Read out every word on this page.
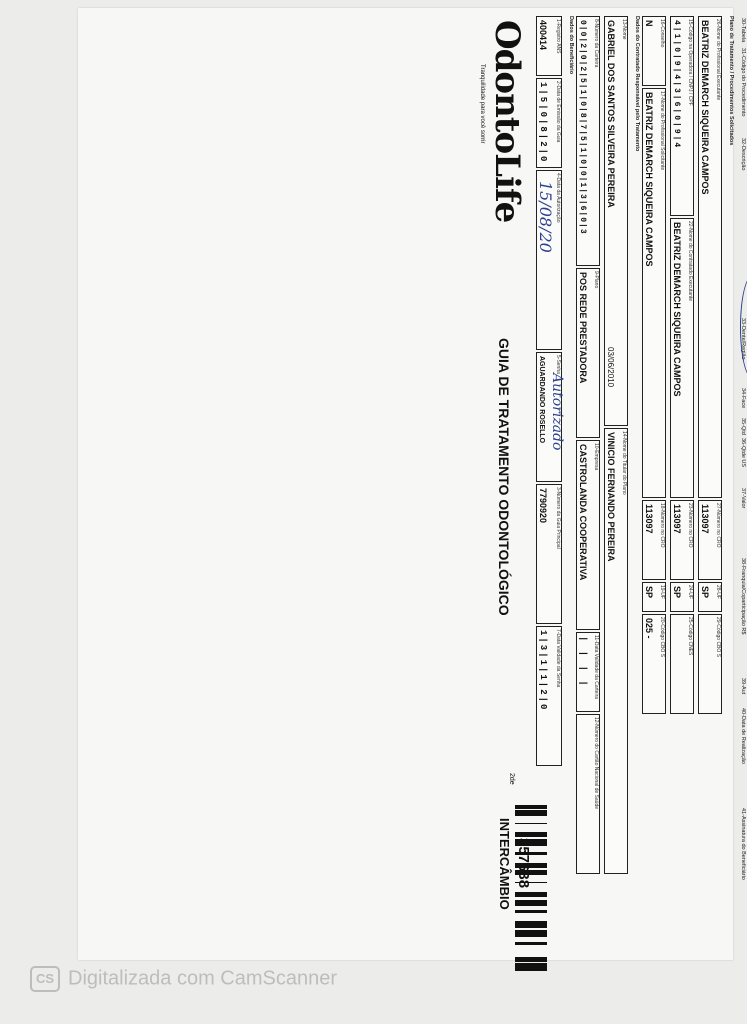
OdontoLife
Tranquilidade para você sorrir
GUIA DE TRATAMENTO ODONTOLÓGICO
2de
INTERCÂMBIO
1-Registro ANS
400414
2-Data de Emissão da Guia
1|5|0|8|2|0
4-Data da Autorização
15/08/20
5-Senha
AGUARDANDO ROSELLO Autorizado
3-Número da Guia Principal
7790920
7-Data Validade da Senha
1|3|1|1|2|0
Dados do Beneficiário	8-Número da Carteira
0|0|2|0|2|5|1|0|8|7|5|1|0|0|1|3|6|0|3
9-Plano
POS REDE PRESTADORA
10-Empresa
CASTROLANDA COOPERATIVA
11-Data Validade da Carteira
| | | |
12-Número do Cartão Nacional de Saúde
13-Nome
GABRIEL DOS SANTOS SILVEIRA PEREIRA
03/06/2010
14-Nome do Titular do Plano
VINICIO FERNANDO PEREIRA
Dados do Contratado Responsável pelo Tratamento	16-Conselho
N
17-Nome do Profissional Solicitante
BEATRIZ DEMARCH SIQUEIRA CAMPOS
18-Número no CRO
113097
19-UF
SP
20-Código CBO S
025 -
15-Código na Operadora / CNPJ / CPF
4|1|0|9|4|3|6|0|9|4
22-Nome do Contratado Executante
BEATRIZ DEMARCH SIQUEIRA CAMPOS
23-Número no CRO
113097
24-UF
SP
25-Código CNES
26-Nome do Profissional Executante
BEATRIZ DEMARCH SIQUEIRA CAMPOS
27-Número no CRO
113097
28-UF
SP
29-Código CBO S
Plano de Tratamento / Procedimentos Solicitados 30-Tabela
31-Código do Procedimento
32-Descrição
33-Dente/Região
34-Face
35-Qtd
36-Qtde US
37-Valor
38-Franquia/Coparticipação R$
39-Aut
40-Data de Realização
41-Assinatura do Beneficiário
CS Digitalizada com CamScanner
